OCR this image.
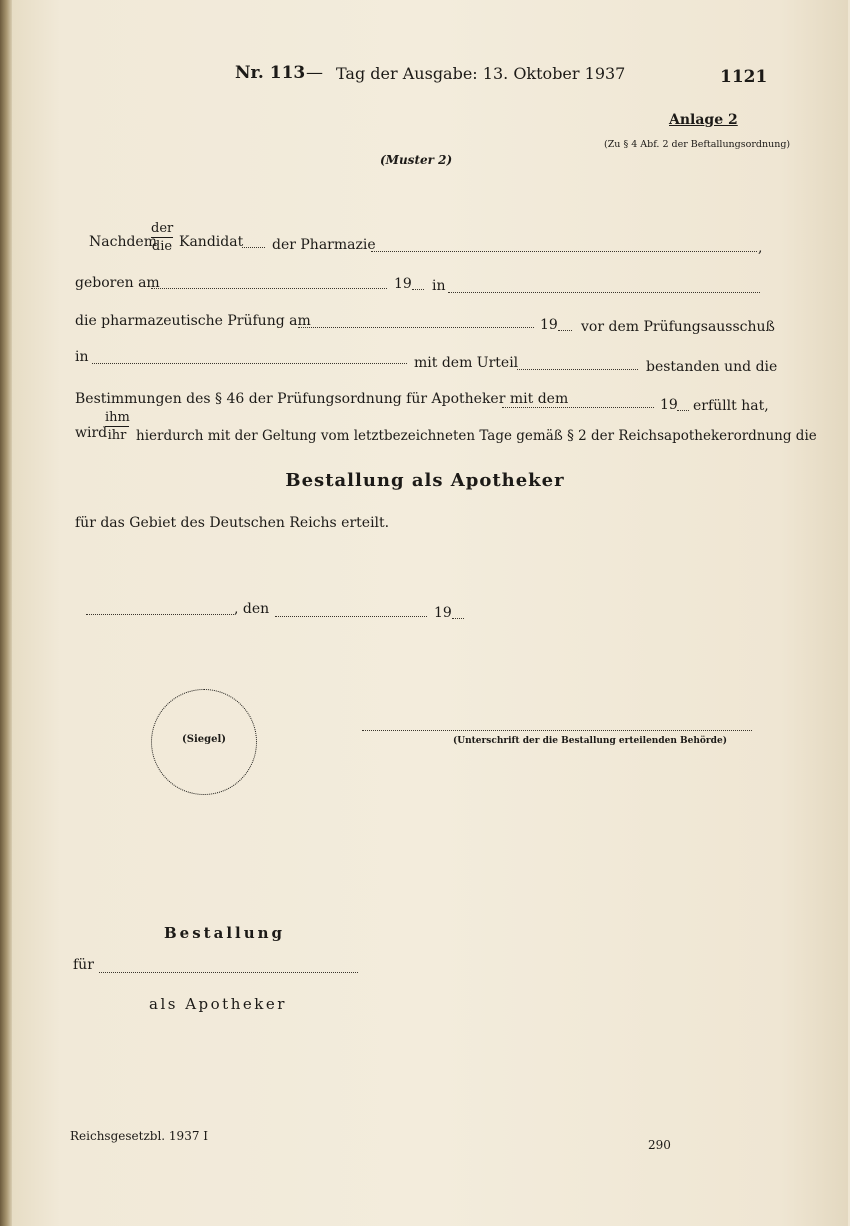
Nr. 113 — Tag der Ausgabe: 13. Oktober 1937	1121
Anlage 2
(Zu § 4 Abf. 2 der Beftallungsordnung)
(Muster 2)
Nachdem
der
die Kandidat der Pharmazie	,
geboren am	19 in
die pharmazeutische Prüfung am	19 vor dem Prüfungsausschuß
in	mit dem Urteil	bestanden und die
Bestimmungen des § 46 der Prüfungsordnung für Apotheker mit dem	19 erfüllt hat,
wird
ihm
ihr hierdurch mit der Geltung vom letztbezeichneten Tage gemäß § 2 der Reichsapothekerordnung die
Bestallung als Apotheker
für das Gebiet des Deutschen Reichs erteilt.
, den	19
(Siegel)	(Unterschrift der die Bestallung erteilenden Behörde)
Bestallung
für
als Apotheker
Reichsgesetzbl. 1937 I
290
